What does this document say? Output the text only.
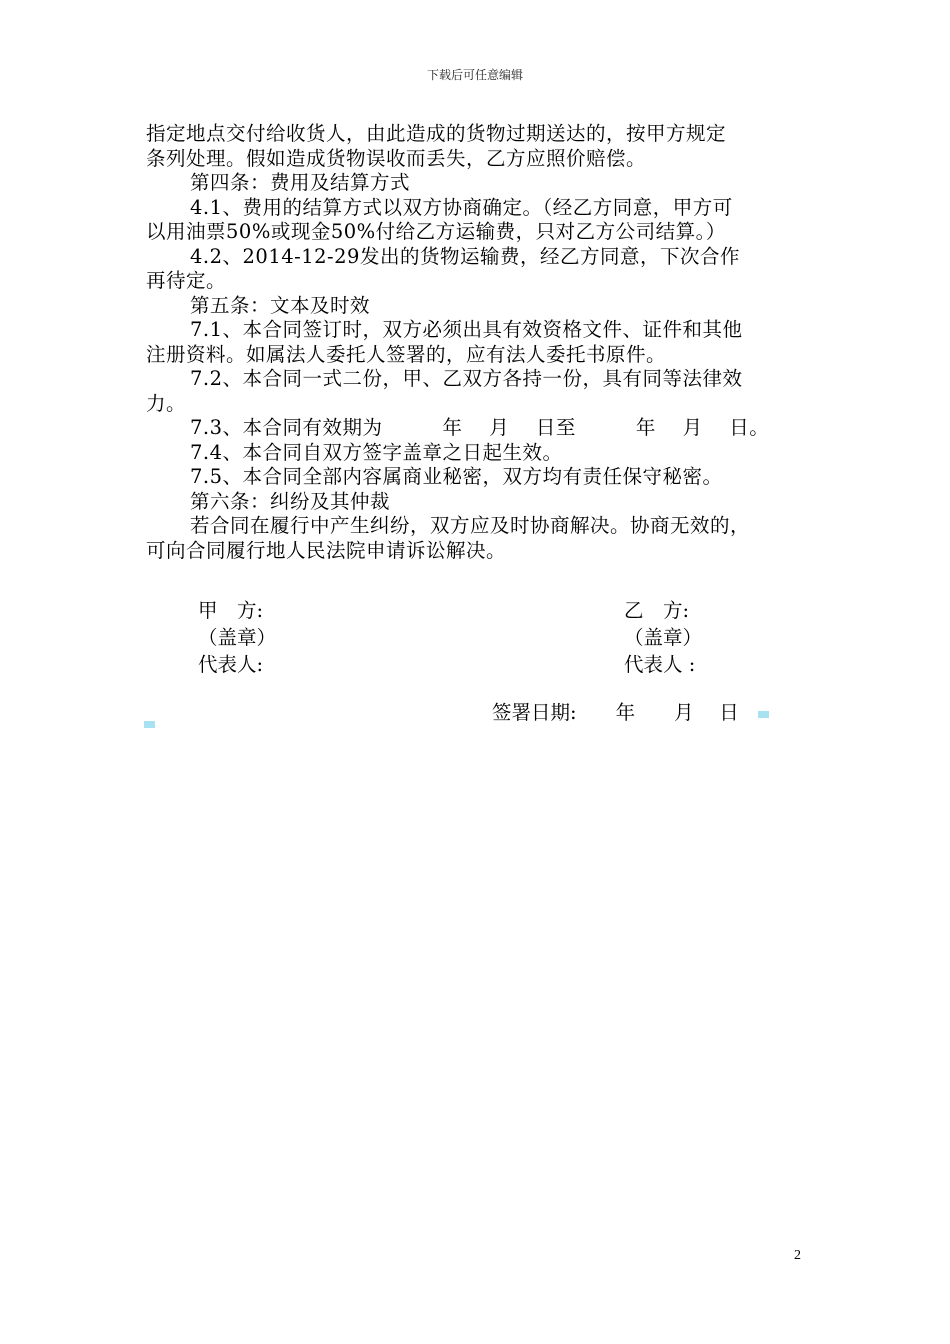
下载后可任意编辑

指定地点交付给收货人，由此造成的货物过期送达的，按甲方规定

条列处理。假如造成货物误收而丢失，乙方应照价赔偿。

第四条：费用及结算方式

4.1、费用的结算方式以双方协商确定。（经乙方同意，甲方可

以用油票50%或现金50%付给乙方运输费，只对乙方公司结算。）

4.2、2014-12-29发出的货物运输费，经乙方同意，下次合作

再待定。

第五条：文本及时效

7.1、本合同签订时，双方必须出具有效资格文件、证件和其他

注册资料。如属法人委托人签署的，应有法人委托书原件。

7.2、本合同一式二份，甲、乙双方各持一份，具有同等法律效

力。

7.3、本合同有效期为　　　年　 月　 日至　　　年　 月　 日。

7.4、本合同自双方签字盖章之日起生效。

7.5、本合同全部内容属商业秘密，双方均有责任保守秘密。

第六条：纠纷及其仲裁

若合同在履行中产生纠纷，双方应及时协商解决。协商无效的，

可向合同履行地人民法院申请诉讼解决。

甲　方:
（盖章）
代表人:
乙　方:
（盖章）
代表人 :
签署日期:　　年　　月　 日
2
